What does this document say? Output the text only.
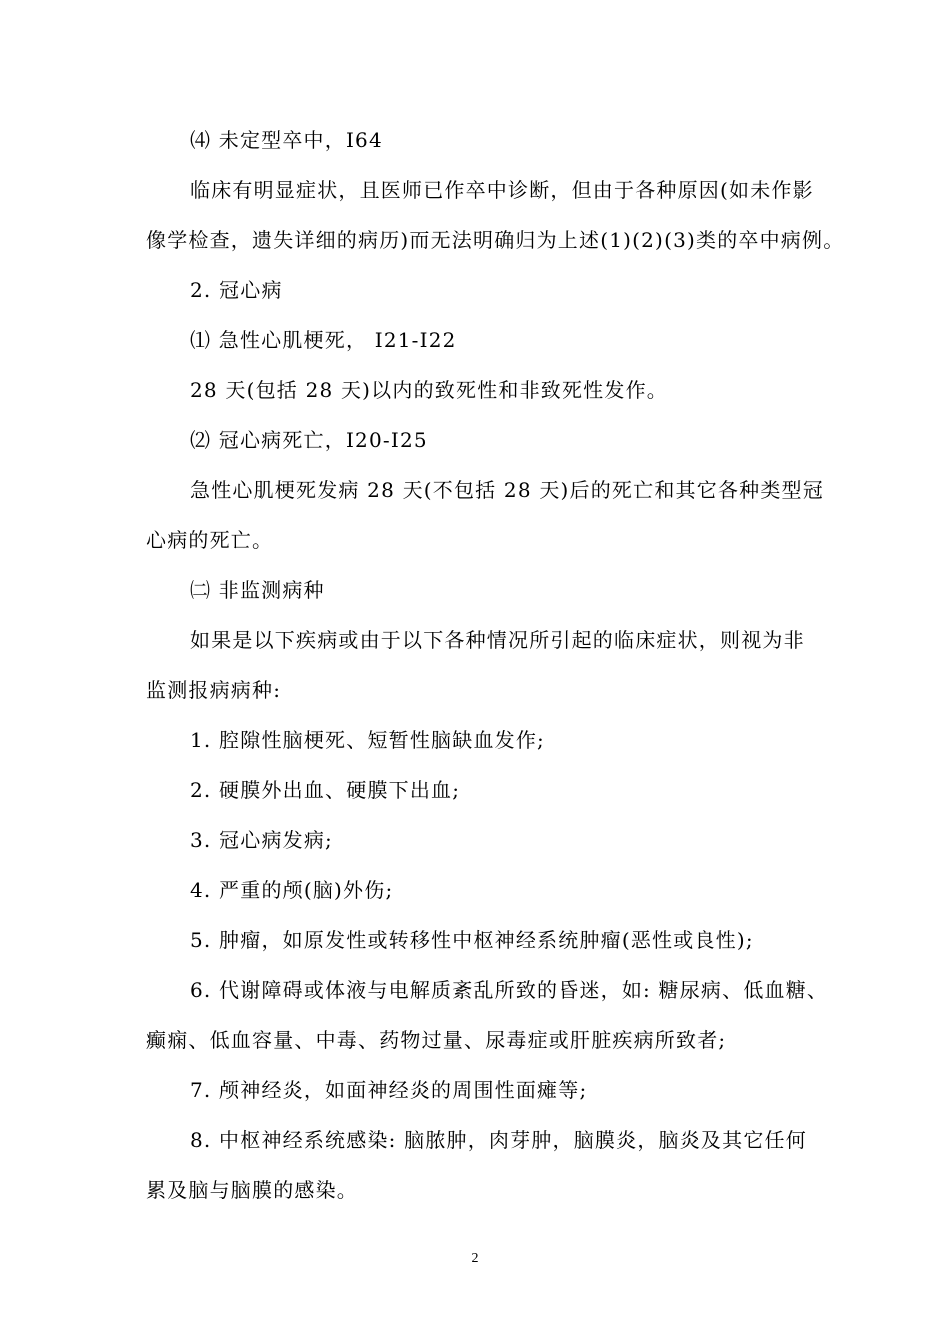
⑷ 未定型卒中，I64
临床有明显症状，且医师已作卒中诊断，但由于各种原因(如未作影
像学检查，遗失详细的病历)而无法明确归为上述(1)(2)(3)类的卒中病例。
2. 冠心病
⑴ 急性心肌梗死， I21-I22
28 天(包括 28 天)以内的致死性和非致死性发作。
⑵ 冠心病死亡，I20-I25
急性心肌梗死发病 28 天(不包括 28 天)后的死亡和其它各种类型冠
心病的死亡。
㈡ 非监测病种
如果是以下疾病或由于以下各种情况所引起的临床症状，则视为非
监测报病病种:
1. 腔隙性脑梗死、短暂性脑缺血发作;
2. 硬膜外出血、硬膜下出血;
3. 冠心病发病;
4. 严重的颅(脑)外伤;
5. 肿瘤，如原发性或转移性中枢神经系统肿瘤(恶性或良性);
6. 代谢障碍或体液与电解质紊乱所致的昏迷，如: 糖尿病、低血糖、
癫痫、低血容量、中毒、药物过量、尿毒症或肝脏疾病所致者;
7. 颅神经炎，如面神经炎的周围性面瘫等;
8. 中枢神经系统感染: 脑脓肿，肉芽肿，脑膜炎，脑炎及其它任何
累及脑与脑膜的感染。
2
